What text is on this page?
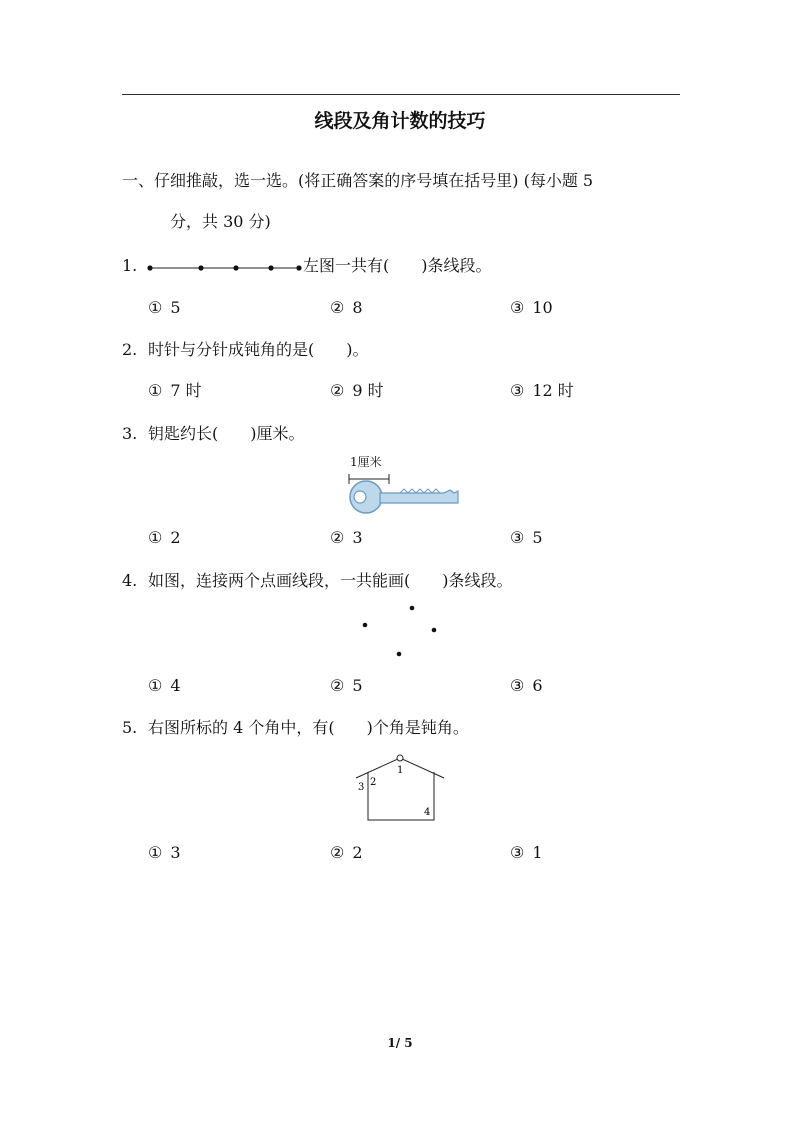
线段及角计数的技巧
一、仔细推敲，选一选。(将正确答案的序号填在括号里) (每小题 5
分，共 30 分)
1.	左图一共有(　　)条线段。
① 5	② 8	③ 10
2. 时针与分针成钝角的是(　　)。
① 7 时	② 9 时	③ 12 时
3. 钥匙约长(　　)厘米。
1厘米
① 2	② 3	③ 5
4. 如图，连接两个点画线段，一共能画(　　)条线段。
① 4	② 5	③ 6
5. 右图所标的 4 个角中，有(　　)个角是钝角。
1
2
3
4
① 3	② 2	③ 1
1/ 5
